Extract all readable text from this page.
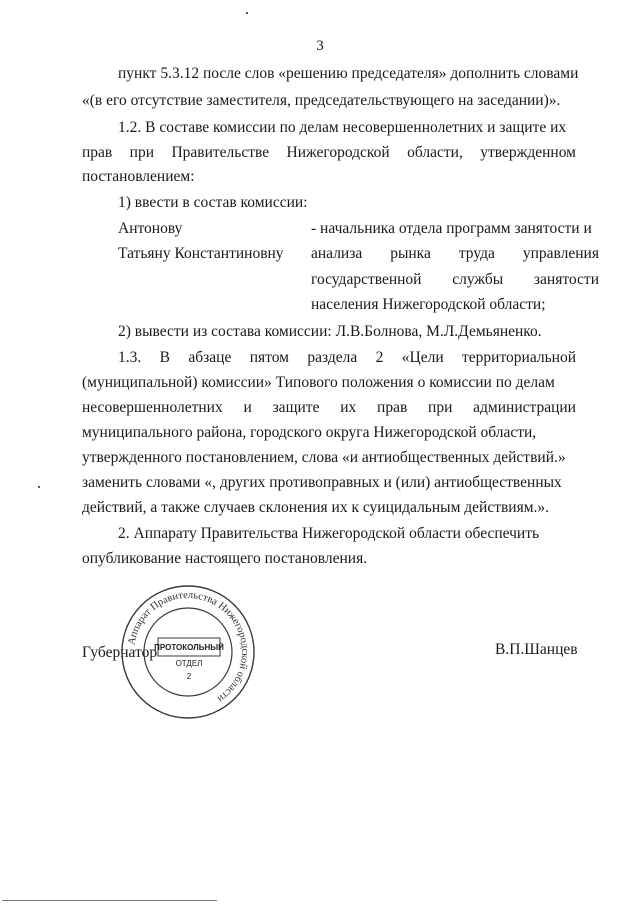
3
пункт 5.3.12 после слов «решению председателя» дополнить словами
«(в его отсутствие заместителя, председательствующего на заседании)».
1.2. В составе комиссии по делам несовершеннолетних и защите их
прав при Правительстве Нижегородской области, утвержденном
постановлением:
1) ввести в состав комиссии:
Антонову
Татьяну Константиновну
- начальника отдела программ занятости и
анализа рынка труда управления
государственной службы занятости
населения Нижегородской области;
2) вывести из состава комиссии: Л.В.Болнова, М.Л.Демьяненко.
1.3. В абзаце пятом раздела 2 «Цели территориальной
(муниципальной) комиссии» Типового положения о комиссии по делам
несовершеннолетних и защите их прав при администрации
муниципального района, городского округа Нижегородской области,
утвержденного постановлением, слова «и антиобщественных действий.»
заменить словами «, других противоправных и (или) антиобщественных
действий, а также случаев склонения их к суицидальным действиям.».
2. Аппарату Правительства Нижегородской области обеспечить
опубликование настоящего постановления.
Губернатор	В.П.Шанцев
Аппарат Правительства Нижегородской области
ПРОТОКОЛЬНЫЙ
ОТДЕЛ
2
